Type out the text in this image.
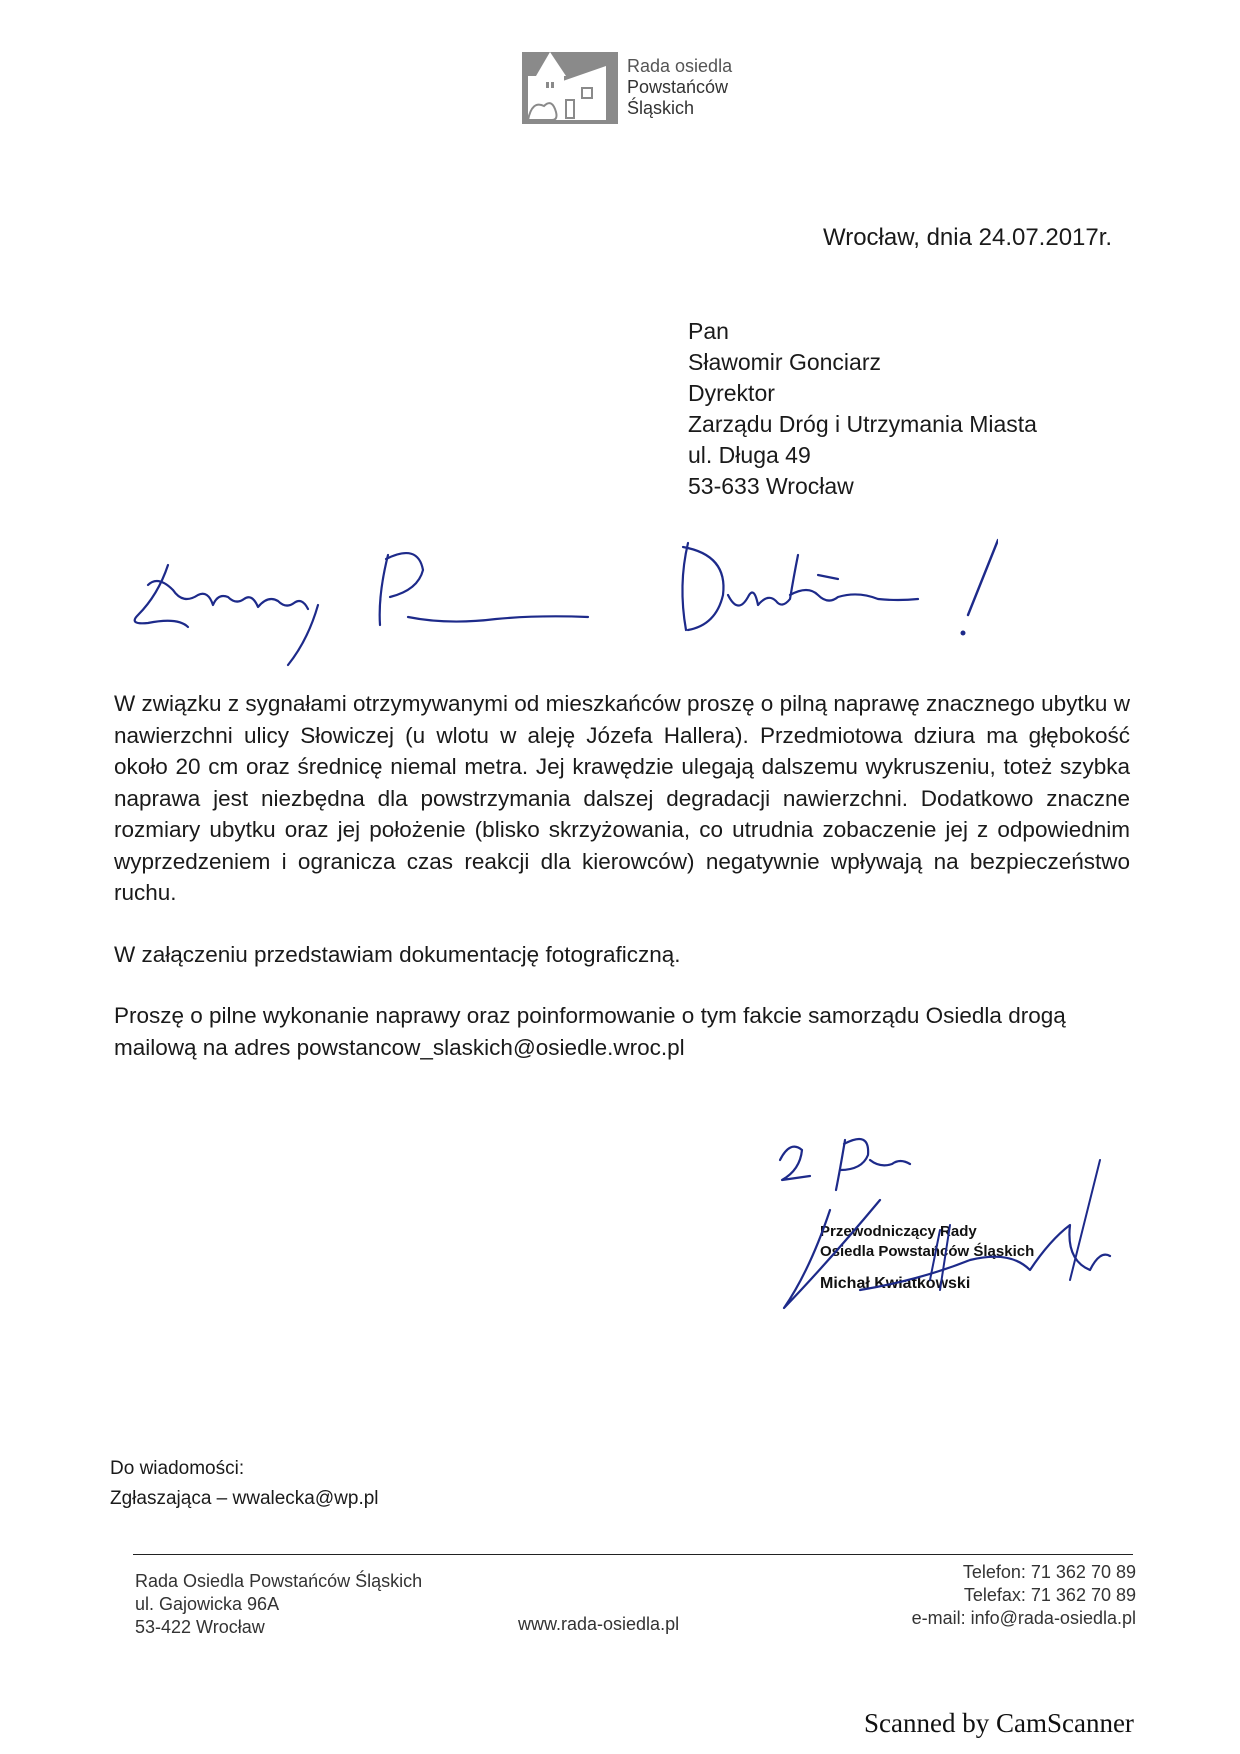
Rada osiedla
Powstańców
Śląskich
Wrocław, dnia 24.07.2017r.
Pan
Sławomir Gonciarz
Dyrektor
Zarządu Dróg i Utrzymania Miasta
ul. Długa 49
53-633 Wrocław

W związku z sygnałami otrzymywanymi od mieszkańców proszę o pilną naprawę znacznego ubytku w nawierzchni ulicy Słowiczej (u wlotu w aleję Józefa Hallera). Przedmiotowa dziura ma głębokość około 20 cm oraz średnicę niemal metra. Jej krawędzie ulegają dalszemu wykruszeniu, toteż szybka naprawa jest niezbędna dla powstrzymania dalszej degradacji nawierzchni. Dodatkowo znaczne rozmiary ubytku oraz jej położenie (blisko skrzyżowania, co utrudnia zobaczenie jej z odpowiednim wyprzedzeniem i ogranicza czas reakcji dla kierowców) negatywnie wpływają na bezpieczeństwo ruchu.

W załączeniu przedstawiam dokumentację fotograficzną.

Proszę o pilne wykonanie naprawy oraz poinformowanie o tym fakcie samorządu Osiedla drogą mailową na adres powstancow_slaskich@osiedle.wroc.pl

Przewodniczący Rady
Osiedla Powstańców Śląskich
Michał Kwiatkowski
Do wiadomości:
Zgłaszająca – wwalecka@wp.pl
Rada Osiedla Powstańców Śląskich
ul. Gajowicka 96A
53-422 Wrocław	www.rada-osiedla.pl
Telefon: 71 362 70 89
Telefax: 71 362 70 89
e-mail: info@rada-osiedla.pl
Scanned by CamScanner
